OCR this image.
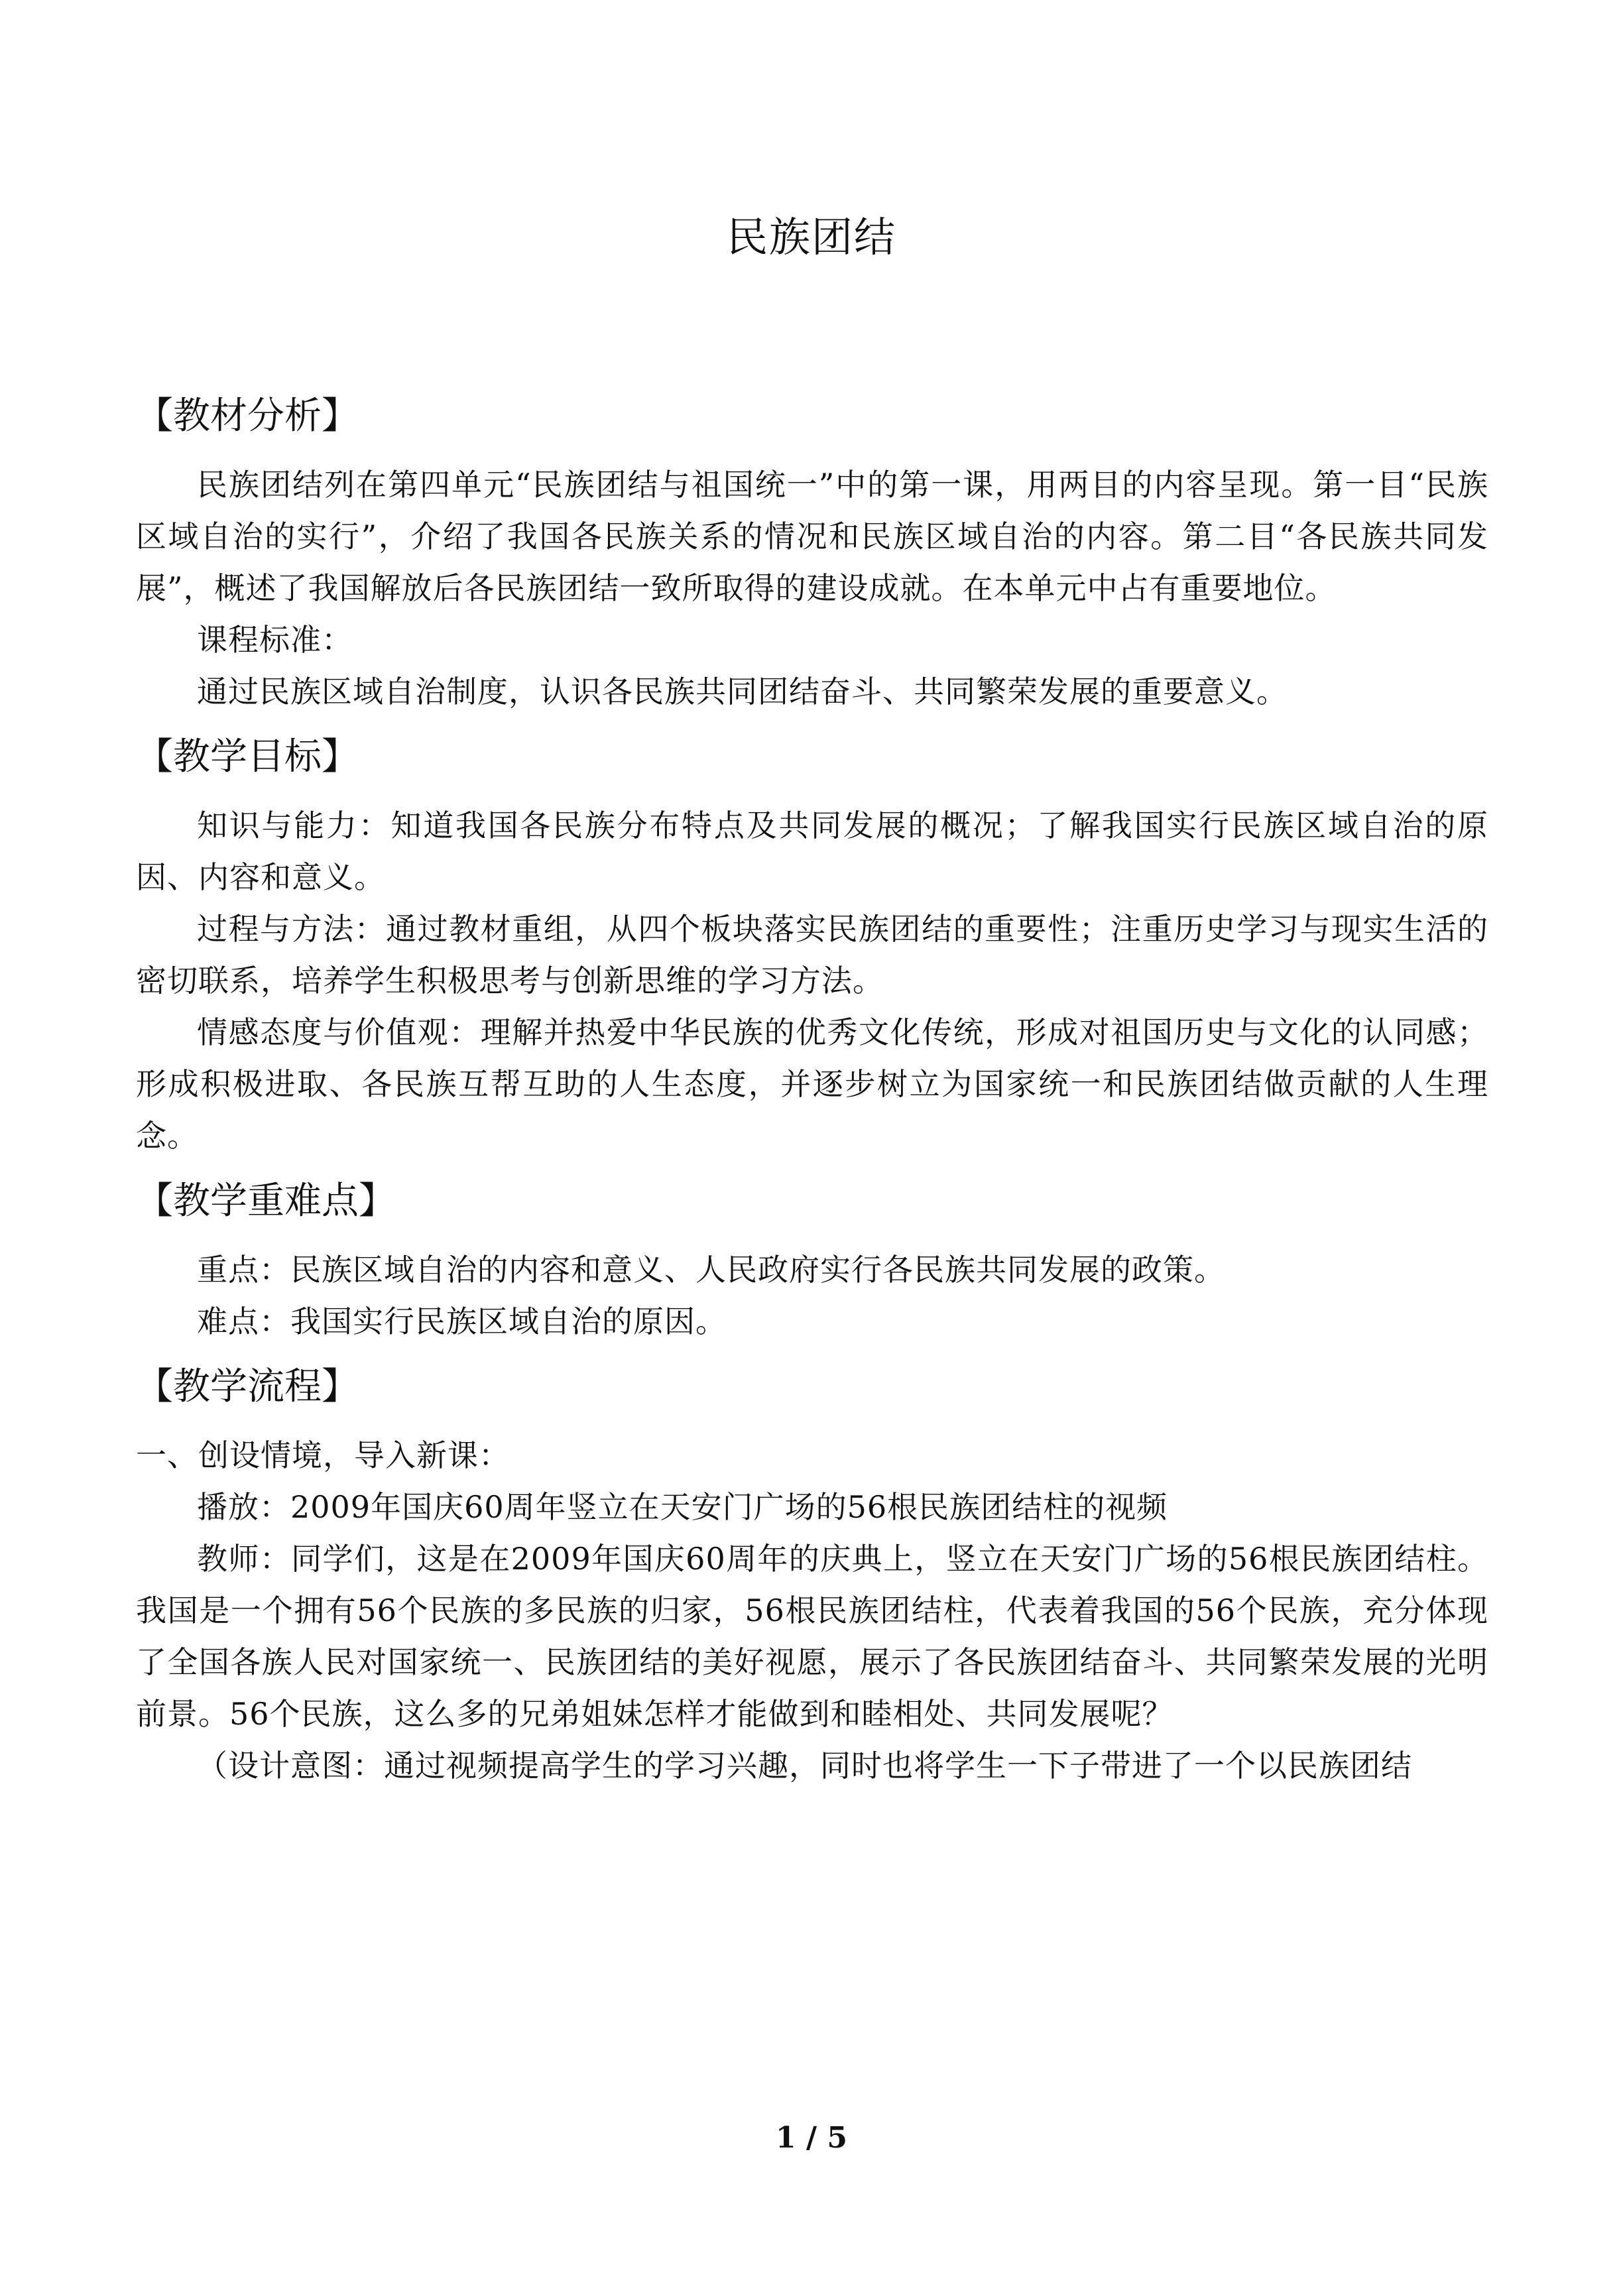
民族团结
【教材分析】

民族团结列在第四单元“民族团结与祖国统一”中的第一课，用两目的内容呈现。第一目“民族区域自治的实行”，介绍了我国各民族关系的情况和民族区域自治的内容。第二目“各民族共同发展”，概述了我国解放后各民族团结一致所取得的建设成就。在本单元中占有重要地位。

课程标准：

通过民族区域自治制度，认识各民族共同团结奋斗、共同繁荣发展的重要意义。

【教学目标】

知识与能力：知道我国各民族分布特点及共同发展的概况；了解我国实行民族区域自治的原因、内容和意义。

过程与方法：通过教材重组，从四个板块落实民族团结的重要性；注重历史学习与现实生活的密切联系，培养学生积极思考与创新思维的学习方法。

情感态度与价值观：理解并热爱中华民族的优秀文化传统，形成对祖国历史与文化的认同感；形成积极进取、各民族互帮互助的人生态度，并逐步树立为国家统一和民族团结做贡献的人生理念。

【教学重难点】

重点：民族区域自治的内容和意义、人民政府实行各民族共同发展的政策。

难点：我国实行民族区域自治的原因。

【教学流程】

一、创设情境，导入新课：

播放：2009年国庆60周年竖立在天安门广场的56根民族团结柱的视频

教师：同学们，这是在2009年国庆60周年的庆典上，竖立在天安门广场的56根民族团结柱。我国是一个拥有56个民族的多民族的归家，56根民族团结柱，代表着我国的56个民族，充分体现了全国各族人民对国家统一、民族团结的美好视愿，展示了各民族团结奋斗、共同繁荣发展的光明前景。56个民族，这么多的兄弟姐妹怎样才能做到和睦相处、共同发展呢？

（设计意图：通过视频提高学生的学习兴趣，同时也将学生一下子带进了一个以民族团结

1 / 5
